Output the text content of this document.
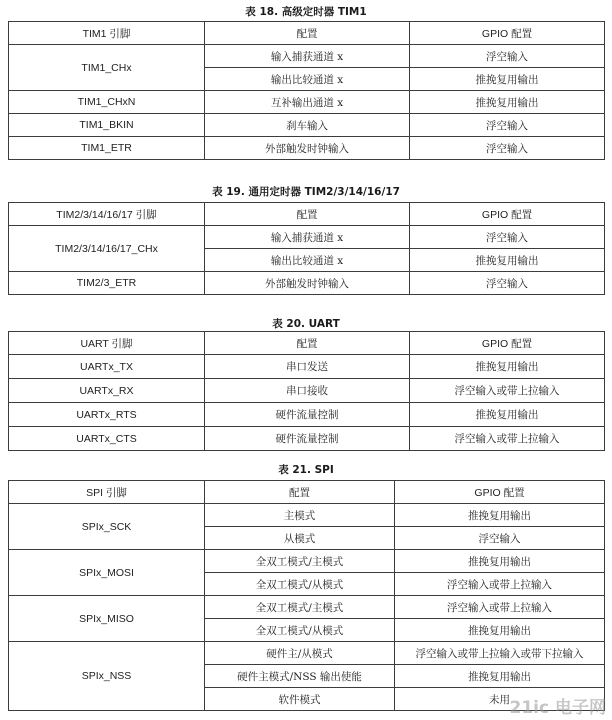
表 18. 高级定时器 TIM1
TIM1 引脚	配置	GPIO 配置
TIM1_CHx	输入捕获通道 x	浮空输入
	输出比较通道 x	推挽复用输出
TIM1_CHxN	互补输出通道 x	推挽复用输出
TIM1_BKIN	刹车输入	浮空输入
TIM1_ETR	外部触发时钟输入	浮空输入
表 19. 通用定时器 TIM2/3/14/16/17
TIM2/3/14/16/17 引脚	配置	GPIO 配置
TIM2/3/14/16/17_CHx	输入捕获通道 x	浮空输入
	输出比较通道 x	推挽复用输出
TIM2/3_ETR	外部触发时钟输入	浮空输入
表 20. UART
UART 引脚	配置	GPIO 配置
UARTx_TX	串口发送	推挽复用输出
UARTx_RX	串口接收	浮空输入或带上拉输入
UARTx_RTS	硬件流量控制	推挽复用输出
UARTx_CTS	硬件流量控制	浮空输入或带上拉输入
表 21. SPI
SPI 引脚	配置	GPIO 配置
SPIx_SCK	主模式	推挽复用输出
	从模式	浮空输入
SPIx_MOSI	全双工模式/主模式	推挽复用输出
	全双工模式/从模式	浮空输入或带上拉输入
SPIx_MISO	全双工模式/主模式	浮空输入或带上拉输入
	全双工模式/从模式	推挽复用输出
SPIx_NSS	硬件主/从模式	浮空输入或带上拉输入或带下拉输入
	硬件主模式/NSS 输出使能	推挽复用输出
	软件模式	未用 21ic 电子网
